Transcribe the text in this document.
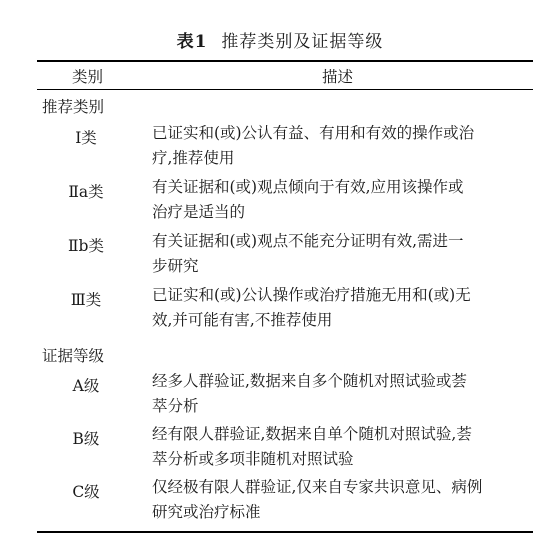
表1 推荐类别及证据等级
类别	描述
推荐类别
Ⅰ类	已证实和(或)公认有益、有用和有效的操作或治
疗,推荐使用
Ⅱa类	有关证据和(或)观点倾向于有效,应用该操作或
治疗是适当的
Ⅱb类	有关证据和(或)观点不能充分证明有效,需进一
步研究
Ⅲ类	已证实和(或)公认操作或治疗措施无用和(或)无
效,并可能有害,不推荐使用
证据等级
A级	经多人群验证,数据来自多个随机对照试验或荟
萃分析
B级	经有限人群验证,数据来自单个随机对照试验,荟
萃分析或多项非随机对照试验
C级	仅经极有限人群验证,仅来自专家共识意见、病例
研究或治疗标准
